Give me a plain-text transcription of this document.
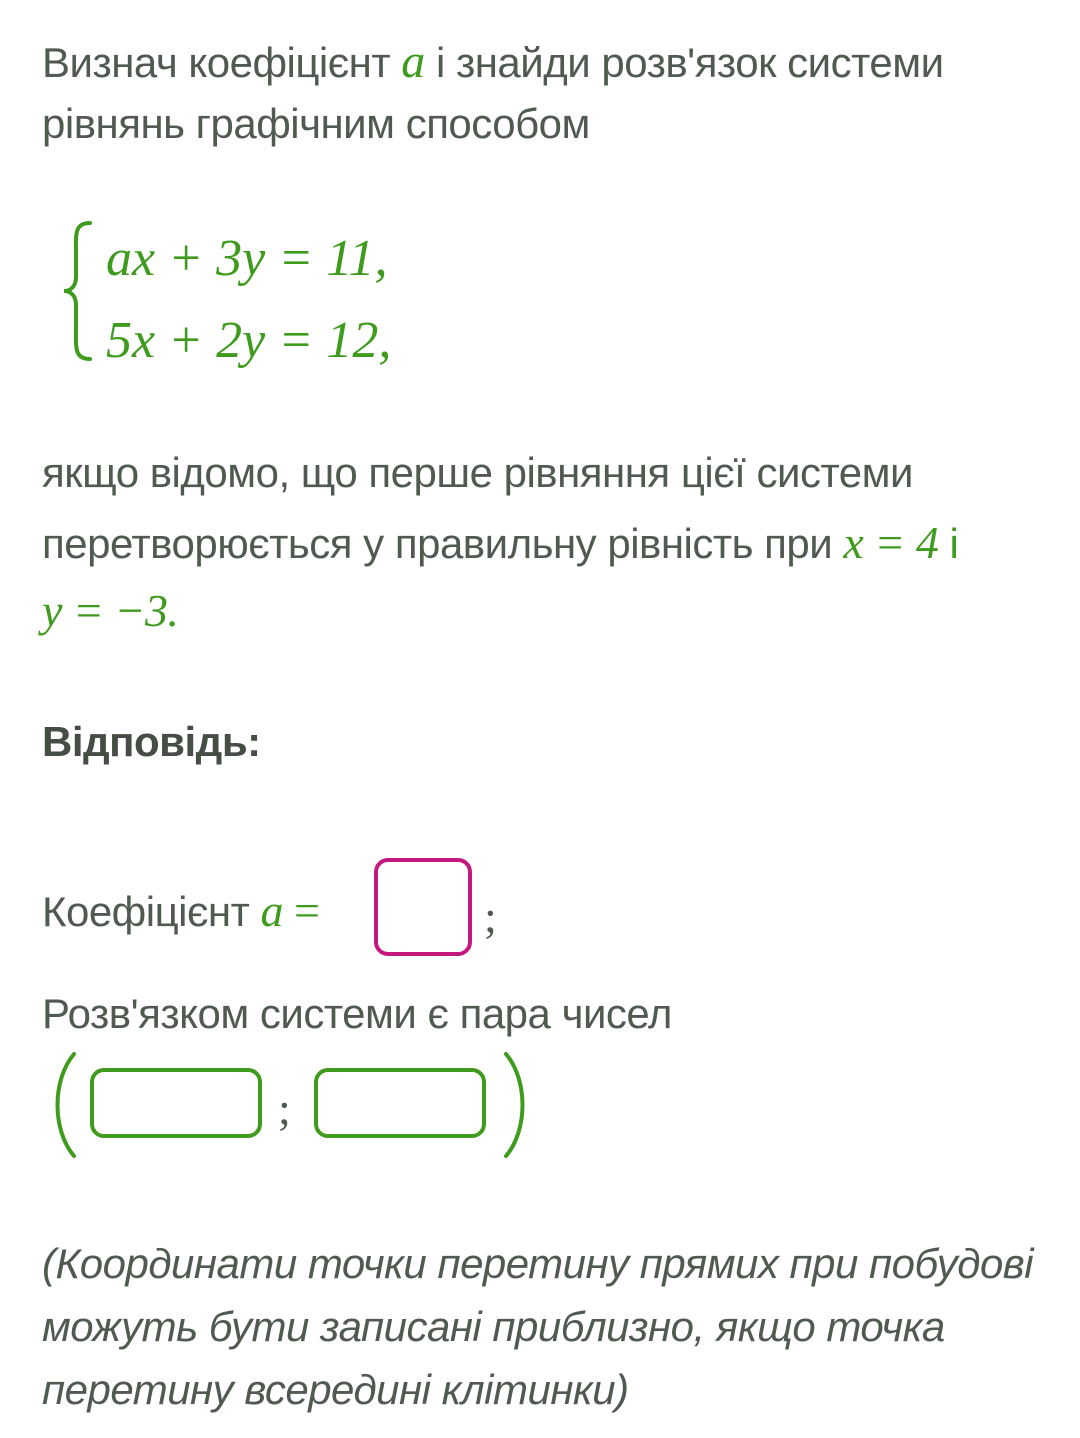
Визнач коефіцієнт a і знайди розв'язок системи
рівнянь графічним способом
ax + 3y = 11,
5x + 2y = 12,
якщо відомо, що перше рівняння цієї системи
перетворюється у правильну рівність при x = 4 і
y = −3.
Відповідь:
Коефіцієнт a =	;
Розв'язком системи є пара чисел
;
(Координати точки перетину прямих при побудові
можуть бути записані приблизно, якщо точка
перетину всередині клітинки)
